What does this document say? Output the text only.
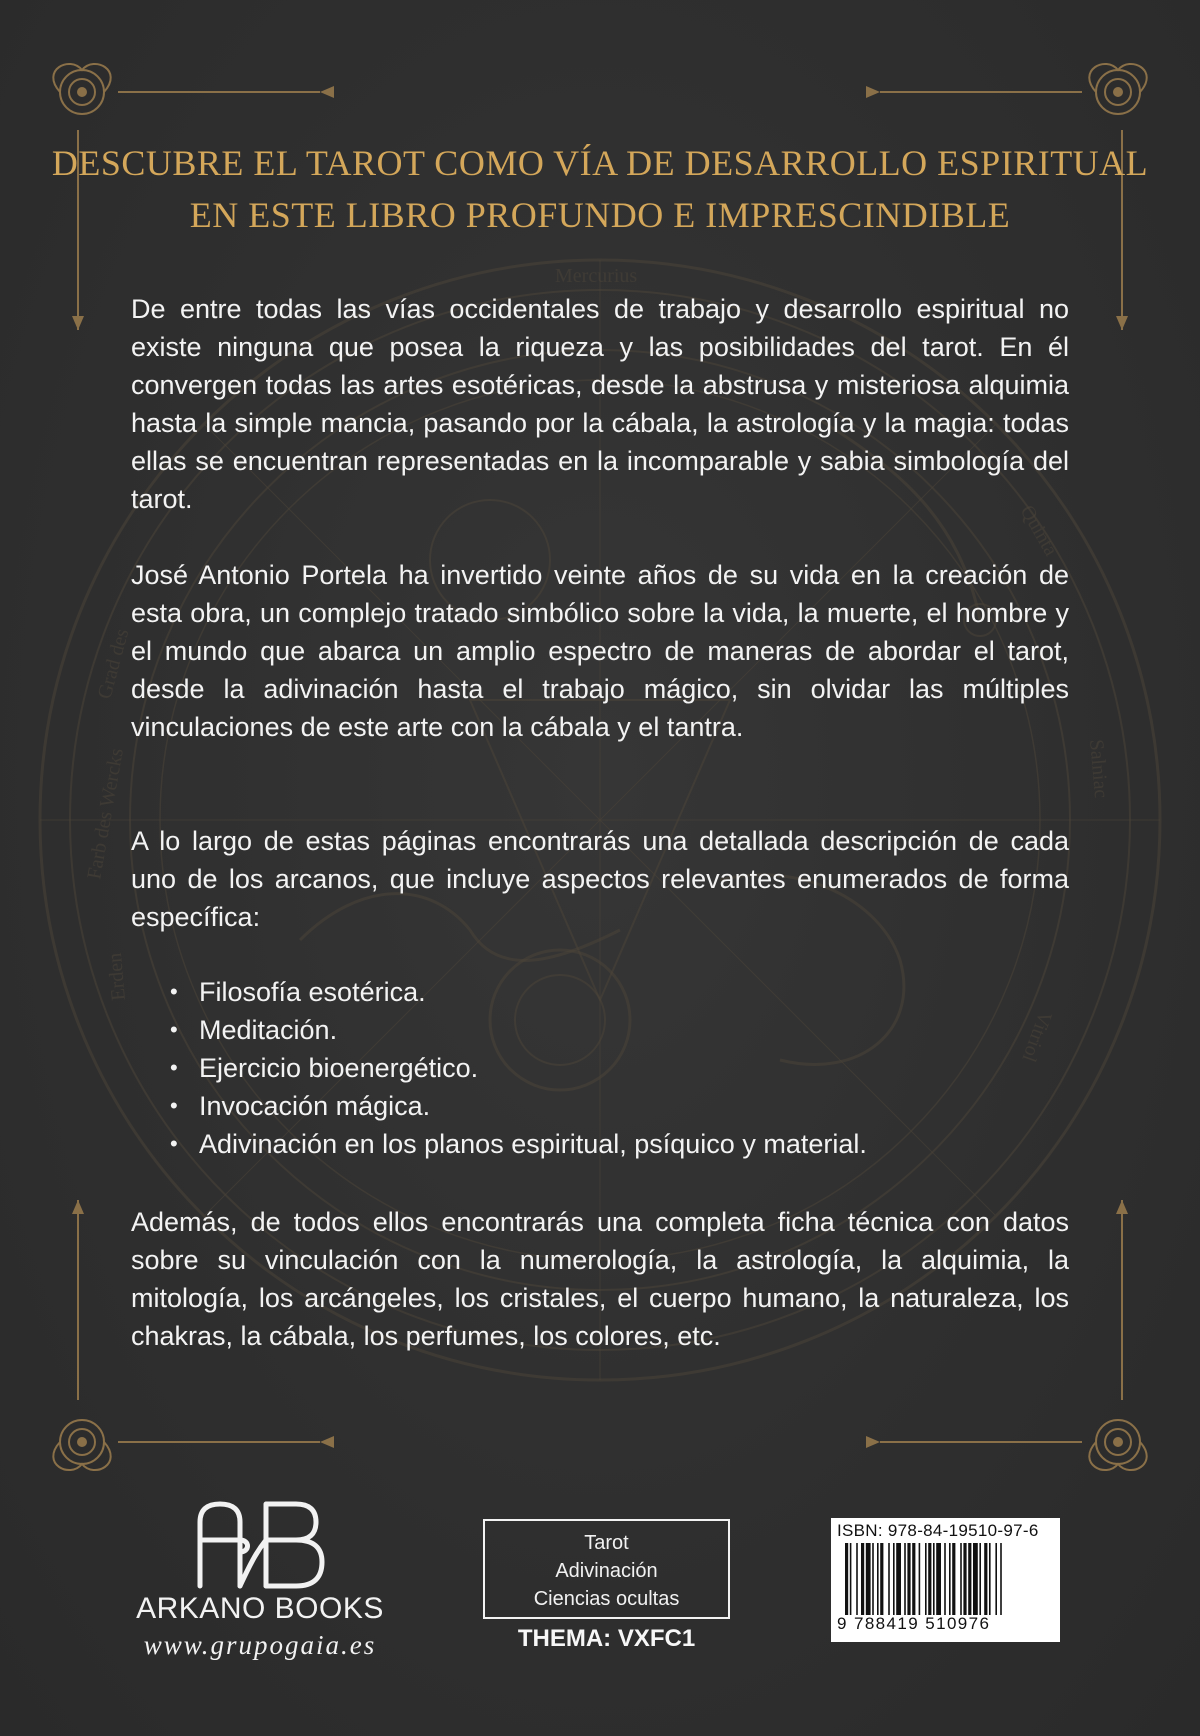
Mercurius
Quinta
Salniac
Vitriol
Farb des Wercks
Grad des
Erden
DESCUBRE EL TAROT COMO VÍA DE DESARROLLO ESPIRITUAL
EN ESTE LIBRO PROFUNDO E IMPRESCINDIBLE

De entre todas las vías occidentales de trabajo y desarrollo espiritual no existe ninguna que posea la riqueza y las posibilidades del tarot. En él convergen todas las artes esotéricas, desde la abstrusa y misteriosa alquimia hasta la simple mancia, pasando por la cábala, la astrología y la magia: todas ellas se encuentran representadas en la incomparable y sabia simbología del tarot.

José Antonio Portela ha invertido veinte años de su vida en la creación de esta obra, un complejo tratado simbólico sobre la vida, la muerte, el hombre y el mundo que abarca un amplio espectro de maneras de abordar el tarot, desde la adivinación hasta el trabajo mágico, sin olvidar las múltiples vinculaciones de este arte con la cábala y el tantra.

A lo largo de estas páginas encontrarás una detallada descripción de cada uno de los arcanos, que incluye aspectos relevantes enumerados de forma específica:

• Filosofía esotérica.
• Meditación.
• Ejercicio bioenergético.
• Invocación mágica.
• Adivinación en los planos espiritual, psíquico y material.

Además, de todos ellos encontrarás una completa ficha técnica con datos sobre su vinculación con la numerología, la astrología, la alquimia, la mitología, los arcángeles, los cristales, el cuerpo humano, la naturaleza, los chakras, la cábala, los perfumes, los colores, etc.

ARKANO BOOKS
www.grupogaia.es
Tarot
Adivinación
Ciencias ocultas
THEMA: VXFC1
ISBN: 978-84-19510-97-6
9 788419 510976
